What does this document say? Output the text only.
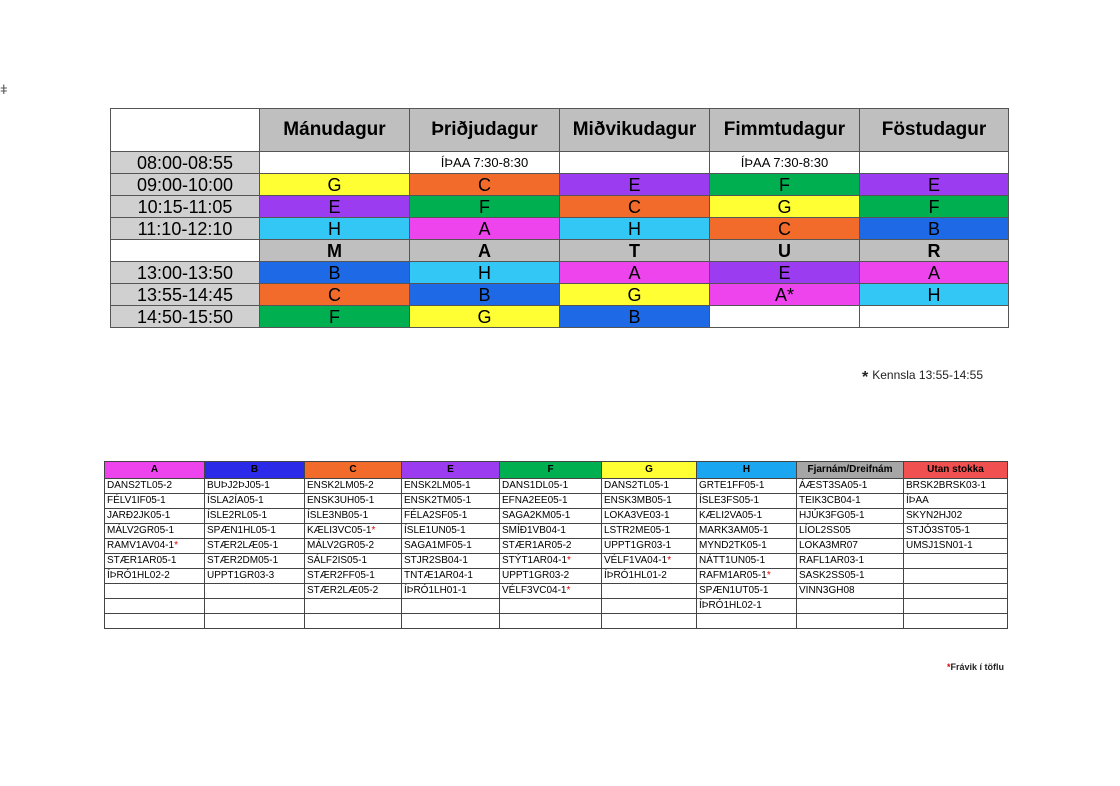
ǂ
	Mánudagur	Þriðjudagur	Miðvikudagur	Fimmtudagur	Föstudagur
08:00-08:55		ÍÞAA 7:30-8:30		ÍÞAA 7:30-8:30	
09:00-10:00	G	C	E	F	E
10:15-11:05	E	F	C	G	F
11:10-12:10	H	A	H	C	B
	M	A	T	U	R
13:00-13:50	B	H	A	E	A
13:55-14:45	C	B	G	A*	H
14:50-15:50	F	G	B		
* Kennsla 13:55-14:55
A	B	C	E	F	G	H	Fjarnám/Dreifnám	Utan stokka
DANS2TL05-2	BUÞJ2ÞJ05-1	ENSK2LM05-2	ENSK2LM05-1	DANS1DL05-1	DANS2TL05-1	GRTE1FF05-1	ÁÆST3SA05-1	BRSK2BRSK03-1
FÉLV1IF05-1	ÍSLA2ÍA05-1	ENSK3UH05-1	ENSK2TM05-1	EFNA2EE05-1	ENSK3MB05-1	ÍSLE3FS05-1	TEIK3CB04-1	ÍÞAA
JARÐ2JK05-1	ÍSLE2RL05-1	ÍSLE3NB05-1	FÉLA2SF05-1	SAGA2KM05-1	LOKA3VE03-1	KÆLI2VA05-1	HJÚK3FG05-1	SKYN2HJ02
MÁLV2GR05-1	SPÆN1HL05-1	KÆLI3VC05-1*	ÍSLE1UN05-1	SMÍÐ1VB04-1	LSTR2ME05-1	MARK3AM05-1	LÍOL2SS05	STJÓ3ST05-1
RAMV1AV04-1*	STÆR2LÆ05-1	MÁLV2GR05-2	SAGA1MF05-1	STÆR1AR05-2	UPPT1GR03-1	MYND2TK05-1	LOKA3MR07	UMSJ1SN01-1
STÆR1AR05-1	STÆR2DM05-1	SÁLF2IS05-1	STJR2SB04-1	STÝT1AR04-1*	VÉLF1VA04-1*	NÁTT1UN05-1	RAFL1AR03-1	
ÍÞRÓ1HL02-2	UPPT1GR03-3	STÆR2FF05-1	TNTÆ1AR04-1	UPPT1GR03-2	ÍÞRÓ1HL01-2	RAFM1AR05-1*	SASK2SS05-1	
		STÆR2LÆ05-2	ÍÞRÓ1LH01-1	VÉLF3VC04-1*		SPÆN1UT05-1	VINN3GH08	
						ÍÞRÓ1HL02-1		

*Frávik í töflu
